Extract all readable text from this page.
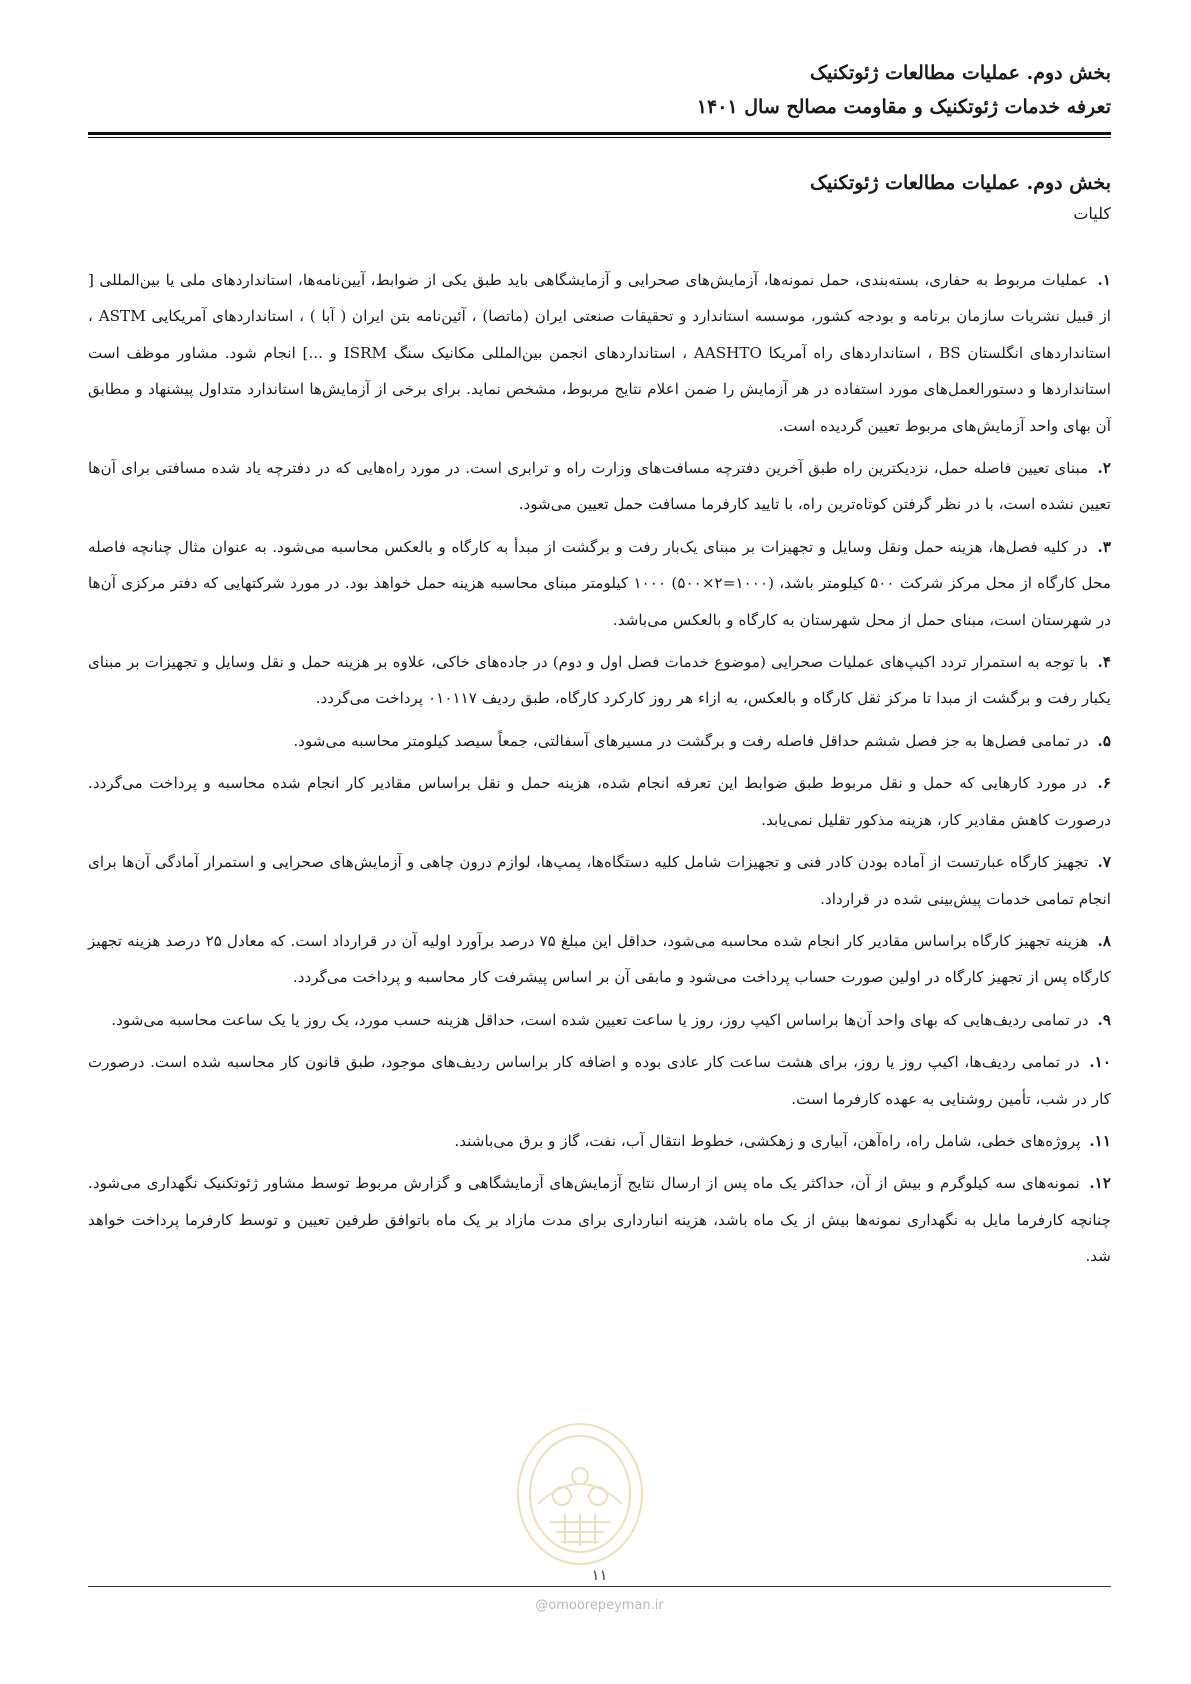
بخش دوم. عملیات مطالعات ژئوتکنیک
تعرفه خدمات ژئوتکنیک و مقاومت مصالح سال ۱۴۰۱
بخش دوم. عملیات مطالعات ژئوتکنیک
کلیات

۱. عملیات مربوط به حفاری، بسته‌بندی، حمل نمونه‌ها، آزمایش‌های صحرایی و آزمایشگاهی باید طبق یکی از ضوابط، آیین‌نامه‌ها، استانداردهای ملی یا بین‌المللی [ از قبیل نشریات سازمان برنامه و بودجه کشور، موسسه استاندارد و تحقیقات صنعتی ایران (ماتصا) ، آئین‌نامه بتن ایران ( آبا ) ، استانداردهای آمریکایی ASTM ، استانداردهای انگلستان BS ، استانداردهای راه آمریکا AASHTO ، استانداردهای انجمن بین‌المللی مکانیک سنگ ISRM و ...] انجام شود. مشاور موظف است استانداردها و دستورالعمل‌های مورد استفاده در هر آزمایش را ضمن اعلام نتایج مربوط، مشخص نماید. برای برخی از آزمایش‌ها استاندارد متداول پیشنهاد و مطابق آن بهای واحد آزمایش‌های مربوط تعیین گردیده است.

۲. مبنای تعیین فاصله حمل، نزدیکترین راه طبق آخرین دفترچه مسافت‌های وزارت راه و ترابری است. در مورد راه‌هایی که در دفترچه یاد شده مسافتی برای آن‌ها تعیین نشده است، با در نظر گرفتن کوتاه‌ترین راه، با تایید کارفرما مسافت حمل تعیین می‌شود.

۳. در کلیه فصل‌ها، هزینه حمل ونقل وسایل و تجهیزات بر مبنای یک‌بار رفت و برگشت از مبدأ به کارگاه و بالعکس محاسبه می‌شود. به عنوان مثال چنانچه فاصله محل کارگاه از محل مرکز شرکت ۵۰۰ کیلومتر باشد، (۱۰۰۰=۲×۵۰۰) ۱۰۰۰ کیلومتر مبنای محاسبه هزینه حمل خواهد بود. در مورد شرکتهایی که دفتر مرکزی آن‌ها در شهرستان است، مبنای حمل از محل شهرستان به کارگاه و بالعکس می‌باشد.

۴. با توجه به استمرار تردد اکیپ‌های عملیات صحرایی (موضوع خدمات فصل اول و دوم) در جاده‌های خاکی، علاوه بر هزینه حمل و نقل وسایل و تجهیزات بر مبنای یکبار رفت و برگشت از مبدا تا مرکز ثقل کارگاه و بالعکس، به ازاء هر روز کارکرد کارگاه، طبق ردیف ۰۱۰۱۱۷ پرداخت می‌گردد.

۵. در تمامی فصل‌ها به جز فصل ششم حداقل فاصله رفت و برگشت در مسیرهای آسفالتی، جمعاً سیصد کیلومتر محاسبه می‌شود.

۶. در مورد کارهایی که حمل و نقل مربوط طبق ضوابط این تعرفه انجام شده، هزینه حمل و نقل براساس مقادیر کار انجام شده محاسبه و پرداخت می‌گردد. درصورت کاهش مقادیر کار، هزینه مذکور تقلیل نمی‌یابد.

۷. تجهیز کارگاه عبارتست از آماده بودن کادر فنی و تجهیزات شامل کلیه دستگاه‌ها، پمپ‌ها، لوازم درون چاهی و آزمایش‌های صحرایی و استمرار آمادگی آن‌ها برای انجام تمامی خدمات پیش‌بینی شده در قرارداد.

۸. هزینه تجهیز کارگاه براساس مقادیر کار انجام شده محاسبه می‌شود، حداقل این مبلغ ۷۵ درصد برآورد اولیه آن در قرارداد است. که معادل ۲۵ درصد هزینه تجهیز کارگاه پس از تجهیز کارگاه در اولین صورت حساب پرداخت می‌شود و مابقی آن بر اساس پیشرفت کار محاسبه و پرداخت می‌گردد.

۹. در تمامی ردیف‌هایی که بهای واحد آن‌ها براساس اکیپ روز، روز یا ساعت تعیین شده است، حداقل هزینه حسب مورد، یک روز یا یک ساعت محاسبه می‌شود.

۱۰. در تمامی ردیف‌ها، اکیپ روز یا روز، برای هشت ساعت کار عادی بوده و اضافه کار براساس ردیف‌های موجود، طبق قانون کار محاسبه شده است. درصورت کار در شب، تأمین روشنایی به عهده کارفرما است.

۱۱. پروژه‌های خطی، شامل راه، راه‌آهن، آبیاری و زهکشی، خطوط انتقال آب، نفت، گاز و برق می‌باشند.

۱۲. نمونه‌های سه کیلوگرم و بیش از آن، حداکثر یک ماه پس از ارسال نتایج آزمایش‌های آزمایشگاهی و گزارش مربوط توسط مشاور ژئوتکنیک نگهداری می‌شود. چنانچه کارفرما مایل به نگهداری نمونه‌ها بیش از یک ماه باشد، هزینه انبارداری برای مدت مازاد بر یک ماه باتوافق طرفین تعیین و توسط کارفرما پرداخت خواهد شد.

۱۱
@omoorepeyman.ir
